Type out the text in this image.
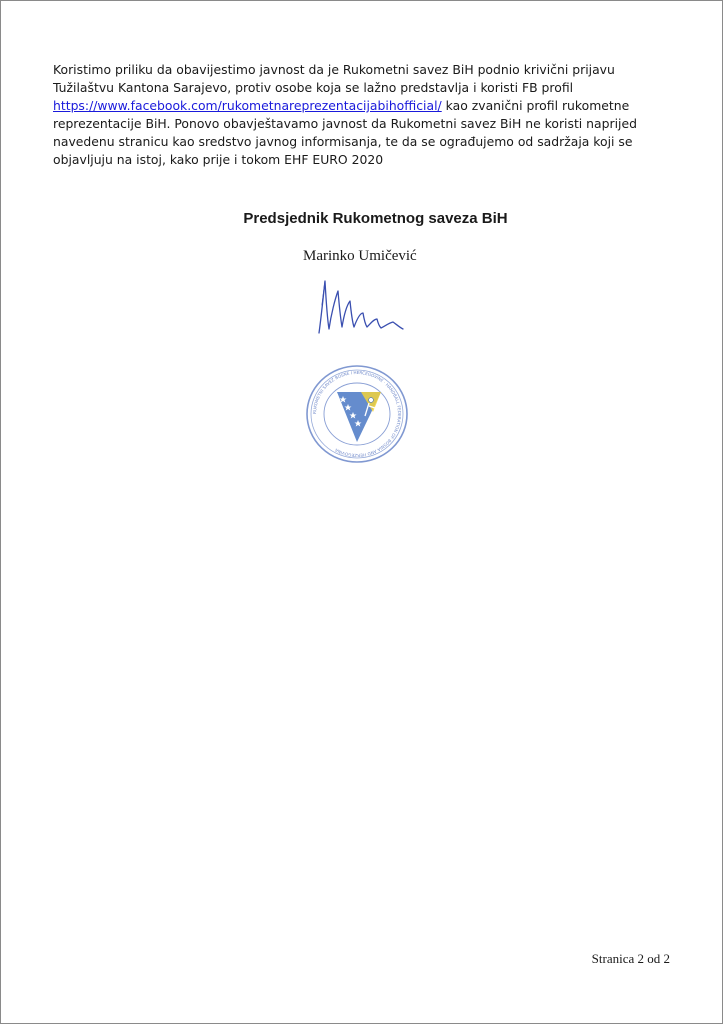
Koristimo priliku da obavijestimo javnost da je Rukometni savez BiH podnio krivični prijavu
Tužilaštvu Kantona Sarajevo, protiv osobe koja se lažno predstavlja i koristi FB profil
https://www.facebook.com/rukometnareprezentacijabihofficial/ kao zvanični profil rukometne
reprezentacije BiH. Ponovo obavještavamo javnost da Rukometni savez BiH ne koristi naprijed
navedenu stranicu kao sredstvo javnog informisanja, te da se ograđujemo od sadržaja koji se
objavljuju na istoj, kako prije i tokom EHF EURO 2020

Predsjednik Rukometnog saveza BiH
Marinko Umičević
RUKOMETNI SAVEZ BOSNE I HERCEGOVINE · HANDBALL FEDERATION OF BOSNIA AND HERZEGOVINA
Stranica 2 od 2
